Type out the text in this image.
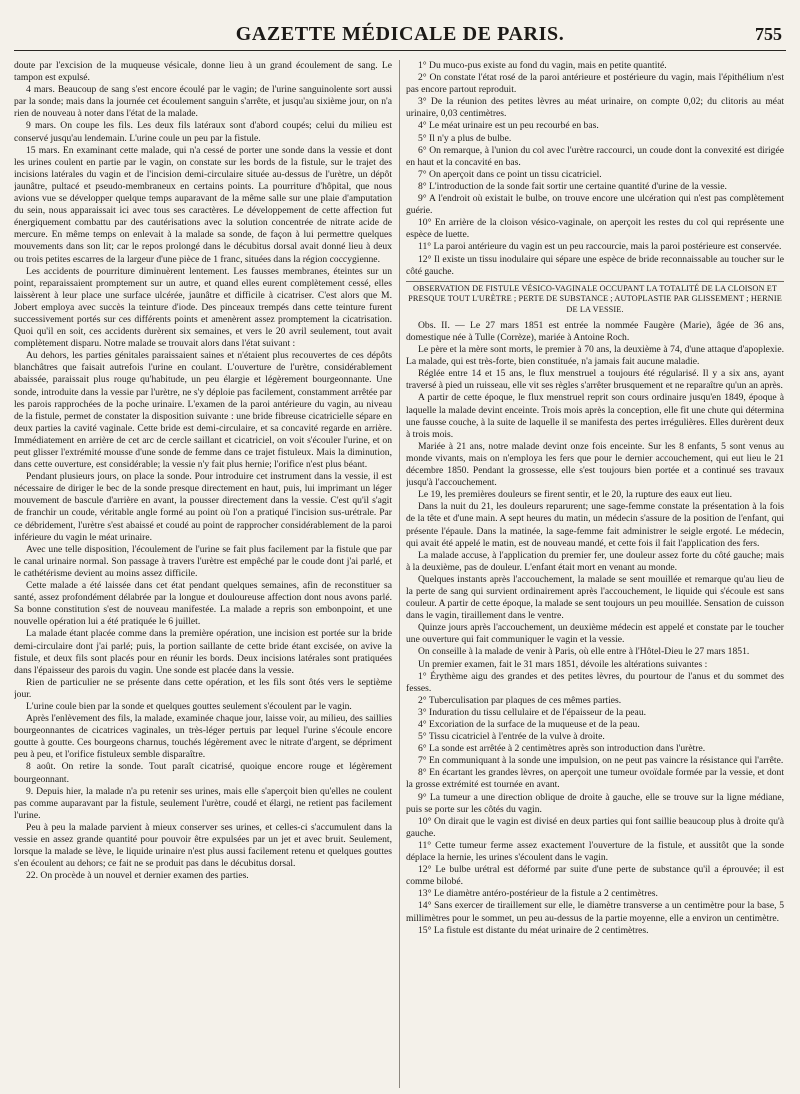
GAZETTE MÉDICALE DE PARIS.	755

doute par l'excision de la muqueuse vésicale, donne lieu à un grand écoulement de sang. Le tampon est expulsé.

4 mars. Beaucoup de sang s'est encore écoulé par le vagin; de l'urine sanguinolente sort aussi par la sonde; mais dans la journée cet écoulement sanguin s'arrête, et jusqu'au sixième jour, on n'a rien de nouveau à noter dans l'état de la malade.

9 mars. On coupe les fils. Les deux fils latéraux sont d'abord coupés; celui du milieu est conservé jusqu'au lendemain. L'urine coule un peu par la fistule.

15 mars. En examinant cette malade, qui n'a cessé de porter une sonde dans la vessie et dont les urines coulent en partie par le vagin, on constate sur les bords de la fistule, sur le trajet des incisions latérales du vagin et de l'incision demi-circulaire située au-dessus de l'urètre, un dépôt jaunâtre, pultacé et pseudo-membraneux en certains points. La pourriture d'hôpital, que nous avions vue se développer quelque temps auparavant de la même salle sur une plaie d'amputation du sein, nous apparaissait ici avec tous ses caractères. Le développement de cette affection fut énergiquement combattu par des cautérisations avec la solution concentrée de nitrate acide de mercure. En même temps on enlevait à la malade sa sonde, de façon à lui permettre quelques mouvements dans son lit; car le repos prolongé dans le décubitus dorsal avait donné lieu à deux ou trois petites escarres de la largeur d'une pièce de 1 franc, situées dans la région coccygienne.

Les accidents de pourriture diminuèrent lentement. Les fausses membranes, éteintes sur un point, reparaissaient promptement sur un autre, et quand elles eurent complètement cessé, elles laissèrent à leur place une surface ulcérée, jaunâtre et difficile à cicatriser. C'est alors que M. Jobert employa avec succès la teinture d'iode. Des pinceaux trempés dans cette teinture furent successivement portés sur ces différents points et amenèrent assez promptement la cicatrisation. Quoi qu'il en soit, ces accidents durèrent six semaines, et vers le 20 avril seulement, tout avait complètement disparu. Notre malade se trouvait alors dans l'état suivant :

Au dehors, les parties génitales paraissaient saines et n'étaient plus recouvertes de ces dépôts blanchâtres que faisait autrefois l'urine en coulant. L'ouverture de l'urètre, considérablement abaissée, paraissait plus rouge qu'habitude, un peu élargie et légèrement bourgeonnante. Une sonde, introduite dans la vessie par l'urètre, ne s'y déploie pas facilement, constamment arrêtée par les parois rapprochées de la poche urinaire. L'examen de la paroi antérieure du vagin, au niveau de la fistule, permet de constater la disposition suivante : une bride fibreuse cicatricielle sépare en deux parties la cavité vaginale. Cette bride est demi-circulaire, et sa concavité regarde en arrière. Immédiatement en arrière de cet arc de cercle saillant et cicatriciel, on voit s'écouler l'urine, et on peut glisser l'extrémité mousse d'une sonde de femme dans ce trajet fistuleux. Mais la diminution, dans cette ouverture, est considérable; la vessie n'y fait plus hernie; l'orifice n'est plus béant.

Pendant plusieurs jours, on place la sonde. Pour introduire cet instrument dans la vessie, il est nécessaire de diriger le bec de la sonde presque directement en haut, puis, lui imprimant un léger mouvement de bascule d'arrière en avant, la pousser directement dans la vessie. C'est qu'il s'agit de franchir un coude, véritable angle formé au point où l'on a pratiqué l'incision sus-urétrale. Par ce débridement, l'urètre s'est abaissé et coudé au point de rapprocher considérablement de la paroi inférieure du vagin le méat urinaire.

Avec une telle disposition, l'écoulement de l'urine se fait plus facilement par la fistule que par le canal urinaire normal. Son passage à travers l'urètre est empêché par le coude dont j'ai parlé, et le cathétérisme devient au moins assez difficile.

Cette malade a été laissée dans cet état pendant quelques semaines, afin de reconstituer sa santé, assez profondément délabrée par la longue et douloureuse affection dont nous avons parlé. Sa bonne constitution s'est de nouveau manifestée. La malade a repris son embonpoint, et une nouvelle opération lui a été pratiquée le 6 juillet.

La malade étant placée comme dans la première opération, une incision est portée sur la bride demi-circulaire dont j'ai parlé; puis, la portion saillante de cette bride étant excisée, on avive la fistule, et deux fils sont placés pour en réunir les bords. Deux incisions latérales sont pratiquées dans l'épaisseur des parois du vagin. Une sonde est placée dans la vessie.

Rien de particulier ne se présente dans cette opération, et les fils sont ôtés vers le septième jour.

L'urine coule bien par la sonde et quelques gouttes seulement s'écoulent par le vagin.

Après l'enlèvement des fils, la malade, examinée chaque jour, laisse voir, au milieu, des saillies bourgeonnantes de cicatrices vaginales, un très-léger pertuis par lequel l'urine s'écoule encore goutte à goutte. Ces bourgeons charnus, touchés légèrement avec le nitrate d'argent, se dépriment peu à peu, et l'orifice fistuleux semble disparaître.

8 août. On retire la sonde. Tout paraît cicatrisé, quoique encore rouge et légèrement bourgeonnant.

9. Depuis hier, la malade n'a pu retenir ses urines, mais elle s'aperçoit bien qu'elles ne coulent pas comme auparavant par la fistule, seulement l'urètre, coudé et élargi, ne retient pas facilement l'urine.

Peu à peu la malade parvient à mieux conserver ses urines, et celles-ci s'accumulent dans la vessie en assez grande quantité pour pouvoir être expulsées par un jet et avec bruit. Seulement, lorsque la malade se lève, le liquide urinaire n'est plus aussi facilement retenu et quelques gouttes s'en écoulent au dehors; ce fait ne se produit pas dans le décubitus dorsal.

22. On procède à un nouvel et dernier examen des parties.

1° Du muco-pus existe au fond du vagin, mais en petite quantité.
2° On constate l'état rosé de la paroi antérieure et postérieure du vagin, mais l'épithélium n'est pas encore partout reproduit.
3° De la réunion des petites lèvres au méat urinaire, on compte 0,02; du clitoris au méat urinaire, 0,03 centimètres.
4° Le méat urinaire est un peu recourbé en bas.
5° Il n'y a plus de bulbe.
6° On remarque, à l'union du col avec l'urètre raccourci, un coude dont la convexité est dirigée en haut et la concavité en bas.
7° On aperçoit dans ce point un tissu cicatriciel.
8° L'introduction de la sonde fait sortir une certaine quantité d'urine de la vessie.
9° A l'endroit où existait le bulbe, on trouve encore une ulcération qui n'est pas complètement guérie.
10° En arrière de la cloison vésico-vaginale, on aperçoit les restes du col qui représente une espèce de luette.
11° La paroi antérieure du vagin est un peu raccourcie, mais la paroi postérieure est conservée.
12° Il existe un tissu inodulaire qui sépare une espèce de bride reconnaissable au toucher sur le côté gauche.
OBSERVATION DE FISTULE VÉSICO-VAGINALE OCCUPANT LA TOTALITÉ DE LA CLOISON ET PRESQUE TOUT L'URÈTRE ; PERTE DE SUBSTANCE ; AUTOPLASTIE PAR GLISSEMENT ; HERNIE DE LA VESSIE.

Obs. II. — Le 27 mars 1851 est entrée la nommée Faugère (Marie), âgée de 36 ans, domestique née à Tulle (Corrèze), mariée à Antoine Roch.

Le père et la mère sont morts, le premier à 70 ans, la deuxième à 74, d'une attaque d'apoplexie. La malade, qui est très-forte, bien constituée, n'a jamais fait aucune maladie.

Réglée entre 14 et 15 ans, le flux menstruel a toujours été régularisé. Il y a six ans, ayant traversé à pied un ruisseau, elle vit ses règles s'arrêter brusquement et ne reparaître qu'un an après.

A partir de cette époque, le flux menstruel reprit son cours ordinaire jusqu'en 1849, époque à laquelle la malade devint enceinte. Trois mois après la conception, elle fit une chute qui détermina une fausse couche, à la suite de laquelle il se manifesta des pertes irrégulières. Elles durèrent deux à trois mois.

Mariée à 21 ans, notre malade devint onze fois enceinte. Sur les 8 enfants, 5 sont venus au monde vivants, mais on n'employa les fers que pour le dernier accouchement, qui eut lieu le 21 décembre 1850. Pendant la grossesse, elle s'est toujours bien portée et a continué ses travaux jusqu'à l'accouchement.

Le 19, les premières douleurs se firent sentir, et le 20, la rupture des eaux eut lieu.

Dans la nuit du 21, les douleurs reparurent; une sage-femme constate la présentation à la fois de la tête et d'une main. A sept heures du matin, un médecin s'assure de la position de l'enfant, qui présente l'épaule. Dans la matinée, la sage-femme fait administrer le seigle ergoté. Le médecin, qui avait été appelé le matin, est de nouveau mandé, et cette fois il fait l'application des fers.

La malade accuse, à l'application du premier fer, une douleur assez forte du côté gauche; mais à la deuxième, pas de douleur. L'enfant était mort en venant au monde.

Quelques instants après l'accouchement, la malade se sent mouillée et remarque qu'au lieu de la perte de sang qui survient ordinairement après l'accouchement, le liquide qui s'écoule est sans couleur. A partir de cette époque, la malade se sent toujours un peu mouillée. Sensation de cuisson dans le vagin, tiraillement dans le ventre.

Quinze jours après l'accouchement, un deuxième médecin est appelé et constate par le toucher une ouverture qui fait communiquer le vagin et la vessie.

On conseille à la malade de venir à Paris, où elle entre à l'Hôtel-Dieu le 27 mars 1851.

Un premier examen, fait le 31 mars 1851, dévoile les altérations suivantes :

1° Érythème aigu des grandes et des petites lèvres, du pourtour de l'anus et du sommet des fesses.
2° Tuberculisation par plaques de ces mêmes parties.
3° Induration du tissu cellulaire et de l'épaisseur de la peau.
4° Excoriation de la surface de la muqueuse et de la peau.
5° Tissu cicatriciel à l'entrée de la vulve à droite.
6° La sonde est arrêtée à 2 centimètres après son introduction dans l'urètre.
7° En communiquant à la sonde une impulsion, on ne peut pas vaincre la résistance qui l'arrête.
8° En écartant les grandes lèvres, on aperçoit une tumeur ovoïdale formée par la vessie, et dont la grosse extrémité est tournée en avant.
9° La tumeur a une direction oblique de droite à gauche, elle se trouve sur la ligne médiane, puis se porte sur les côtés du vagin.
10° On dirait que le vagin est divisé en deux parties qui font saillie beaucoup plus à droite qu'à gauche.
11° Cette tumeur ferme assez exactement l'ouverture de la fistule, et aussitôt que la sonde déplace la hernie, les urines s'écoulent dans le vagin.
12° Le bulbe urétral est déformé par suite d'une perte de substance qu'il a éprouvée; il est comme bilobé.
13° Le diamètre antéro-postérieur de la fistule a 2 centimètres.
14° Sans exercer de tiraillement sur elle, le diamètre transverse a un centimètre pour la base, 5 millimètres pour le sommet, un peu au-dessus de la partie moyenne, elle a environ un centimètre.
15° La fistule est distante du méat urinaire de 2 centimètres.
